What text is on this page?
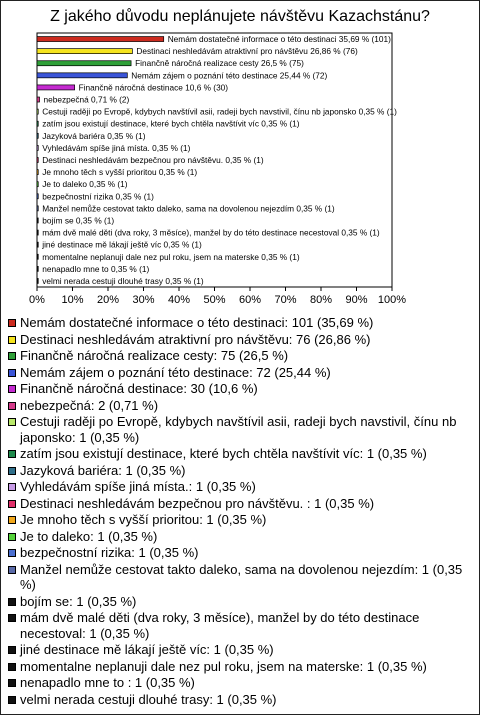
Z jakého důvodu neplánujete návštěvu Kazachstánu?
0% 10% 20% 30% 40% 50% 60% 70% 80% 90% 100%
Nemám dostatečné informace o této destinaci 35,69 % (101)
Destinaci neshledávám atraktivní pro návštěvu 26,86 % (76)
Finančně náročná realizace cesty 26,5 % (75)
Nemám zájem o poznání této destinace 25,44 % (72)
Finančně náročná destinace 10,6 % (30)
nebezpečná 0,71 % (2)
Cestuji raději po Evropě, kdybych navštívil asii, radeji bych navstivil, čínu nb japonsko 0,35 % (1)
zatím jsou existují destinace, které bych chtěla navštívit víc 0,35 % (1)
Jazyková bariéra 0,35 % (1)
Vyhledávám spíše jiná místa. 0,35 % (1)
Destinaci neshledávám bezpečnou pro návštěvu. 0,35 % (1)
Je mnoho těch s vyšší prioritou 0,35 % (1)
Je to daleko 0,35 % (1)
bezpečnostní rizika 0,35 % (1)
Manžel nemůže cestovat takto daleko, sama na dovolenou nejezdím 0,35 % (1)
bojím se 0,35 % (1)
mám dvě malé děti (dva roky, 3 měsíce), manžel by do této destinace necestoval 0,35 % (1)
jiné destinace mě lákají ještě víc 0,35 % (1)
momentalne neplanuji dale nez pul roku, jsem na materske 0,35 % (1)
nenapadlo mne to 0,35 % (1)
velmi nerada cestuji dlouhé trasy 0,35 % (1)
Nemám dostatečné informace o této destinaci: 101 (35,69 %)
Destinaci neshledávám atraktivní pro návštěvu: 76 (26,86 %)
Finančně náročná realizace cesty: 75 (26,5 %)
Nemám zájem o poznání této destinace: 72 (25,44 %)
Finančně náročná destinace: 30 (10,6 %)
nebezpečná: 2 (0,71 %)
Cestuji raději po Evropě, kdybych navštívil asii, radeji bych navstivil, čínu nb japonsko: 1 (0,35 %)
zatím jsou existují destinace, které bych chtěla navštívit víc: 1 (0,35 %)
Jazyková bariéra: 1 (0,35 %)
Vyhledávám spíše jiná místa.: 1 (0,35 %)
Destinaci neshledávám bezpečnou pro návštěvu. : 1 (0,35 %)
Je mnoho těch s vyšší prioritou: 1 (0,35 %)
Je to daleko: 1 (0,35 %)
bezpečnostní rizika: 1 (0,35 %)
Manžel nemůže cestovat takto daleko, sama na dovolenou nejezdím: 1 (0,35 %)
bojím se: 1 (0,35 %)
mám dvě malé děti (dva roky, 3 měsíce), manžel by do této destinace necestoval: 1 (0,35 %)
jiné destinace mě lákají ještě víc: 1 (0,35 %)
momentalne neplanuji dale nez pul roku, jsem na materske: 1 (0,35 %)
nenapadlo mne to : 1 (0,35 %)
velmi nerada cestuji dlouhé trasy: 1 (0,35 %)
